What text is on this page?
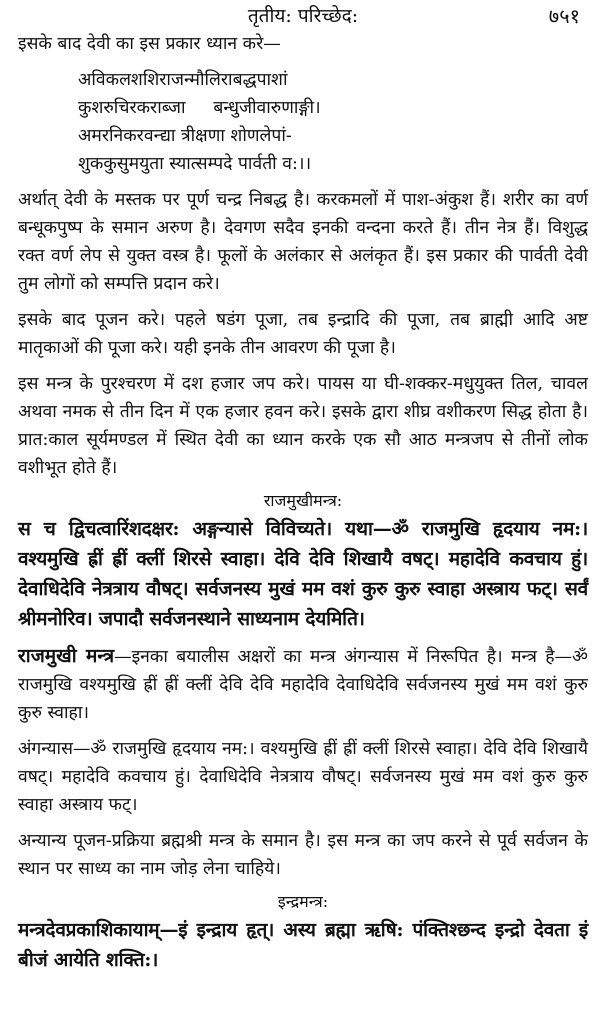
तृतीय: परिच्छेद:	७५१

इसके बाद देवी का इस प्रकार ध्यान करे—

अविकलशशिराजन्मौलिराबद्धपाशां
कुशरुचिरकराब्जा     बन्धुजीवारुणाङ्गी।
अमरनिकरवन्द्या त्रीक्षणा शोणलेपां-
शुककुसुमयुता स्यात्सम्पदे पार्वती व:।।

अर्थात् देवी के मस्तक पर पूर्ण चन्द्र निबद्ध है। करकमलों में पाश-अंकुश हैं। शरीर का वर्ण बन्धूकपुष्प के समान अरुण है। देवगण सदैव इनकी वन्दना करते हैं। तीन नेत्र हैं। विशुद्ध रक्त वर्ण लेप से युक्त वस्त्र है। फूलों के अलंकार से अलंकृत हैं। इस प्रकार की पार्वती देवी तुम लोगों को सम्पत्ति प्रदान करे।

इसके बाद पूजन करे। पहले षडंग पूजा, तब इन्द्रादि की पूजा, तब ब्राह्मी आदि अष्ट मातृकाओं की पूजा करे। यही इनके तीन आवरण की पूजा है।

इस मन्त्र के पुरश्चरण में दश हजार जप करे। पायस या घी-शक्कर-मधुयुक्त तिल, चावल अथवा नमक से तीन दिन में एक हजार हवन करे। इसके द्वारा शीघ्र वशीकरण सिद्ध होता है। प्रात:काल सूर्यमण्डल में स्थित देवी का ध्यान करके एक सौ आठ मन्त्रजप से तीनों लोक वशीभूत होते हैं।

राजमुखीमन्त्र:

स च द्विचत्वारिंशदक्षर: अङ्गन्यासे विविच्यते। यथा—ॐ राजमुखि हृदयाय नम:। वश्यमुखि ह्रीं ह्रीं क्लीं शिरसे स्वाहा। देवि देवि शिखायै वषट्। महादेवि कवचाय हुं। देवाधिदेवि नेत्रत्राय वौषट्। सर्वजनस्य मुखं मम वशं कुरु कुरु स्वाहा अस्त्राय फट्। सर्वं श्रीमनोरिव। जपादौ सर्वजनस्थाने साध्यनाम देयमिति।

राजमुखी मन्त्र—इनका बयालीस अक्षरों का मन्त्र अंगन्यास में निरूपित है। मन्त्र है—ॐ राजमुखि वश्यमुखि ह्रीं ह्रीं क्लीं देवि देवि महादेवि देवाधिदेवि सर्वजनस्य मुखं मम वशं कुरु कुरु स्वाहा।

अंगन्यास—ॐ राजमुखि हृदयाय नम:। वश्यमुखि ह्रीं ह्रीं क्लीं शिरसे स्वाहा। देवि देवि शिखायै वषट्। महादेवि कवचाय हुं। देवाधिदेवि नेत्रत्राय वौषट्। सर्वजनस्य मुखं मम वशं कुरु कुरु स्वाहा अस्त्राय फट्।

अन्यान्य पूजन-प्रक्रिया ब्रह्मश्री मन्त्र के समान है। इस मन्त्र का जप करने से पूर्व सर्वजन के स्थान पर साध्य का नाम जोड़ लेना चाहिये।

इन्द्रमन्त्र:

मन्त्रदेवप्रकाशिकायाम्—इं इन्द्राय हृत्। अस्य ब्रह्मा ऋषि: पंक्तिश्छन्द इन्द्रो देवता इं बीजं आयेति शक्ति:।
